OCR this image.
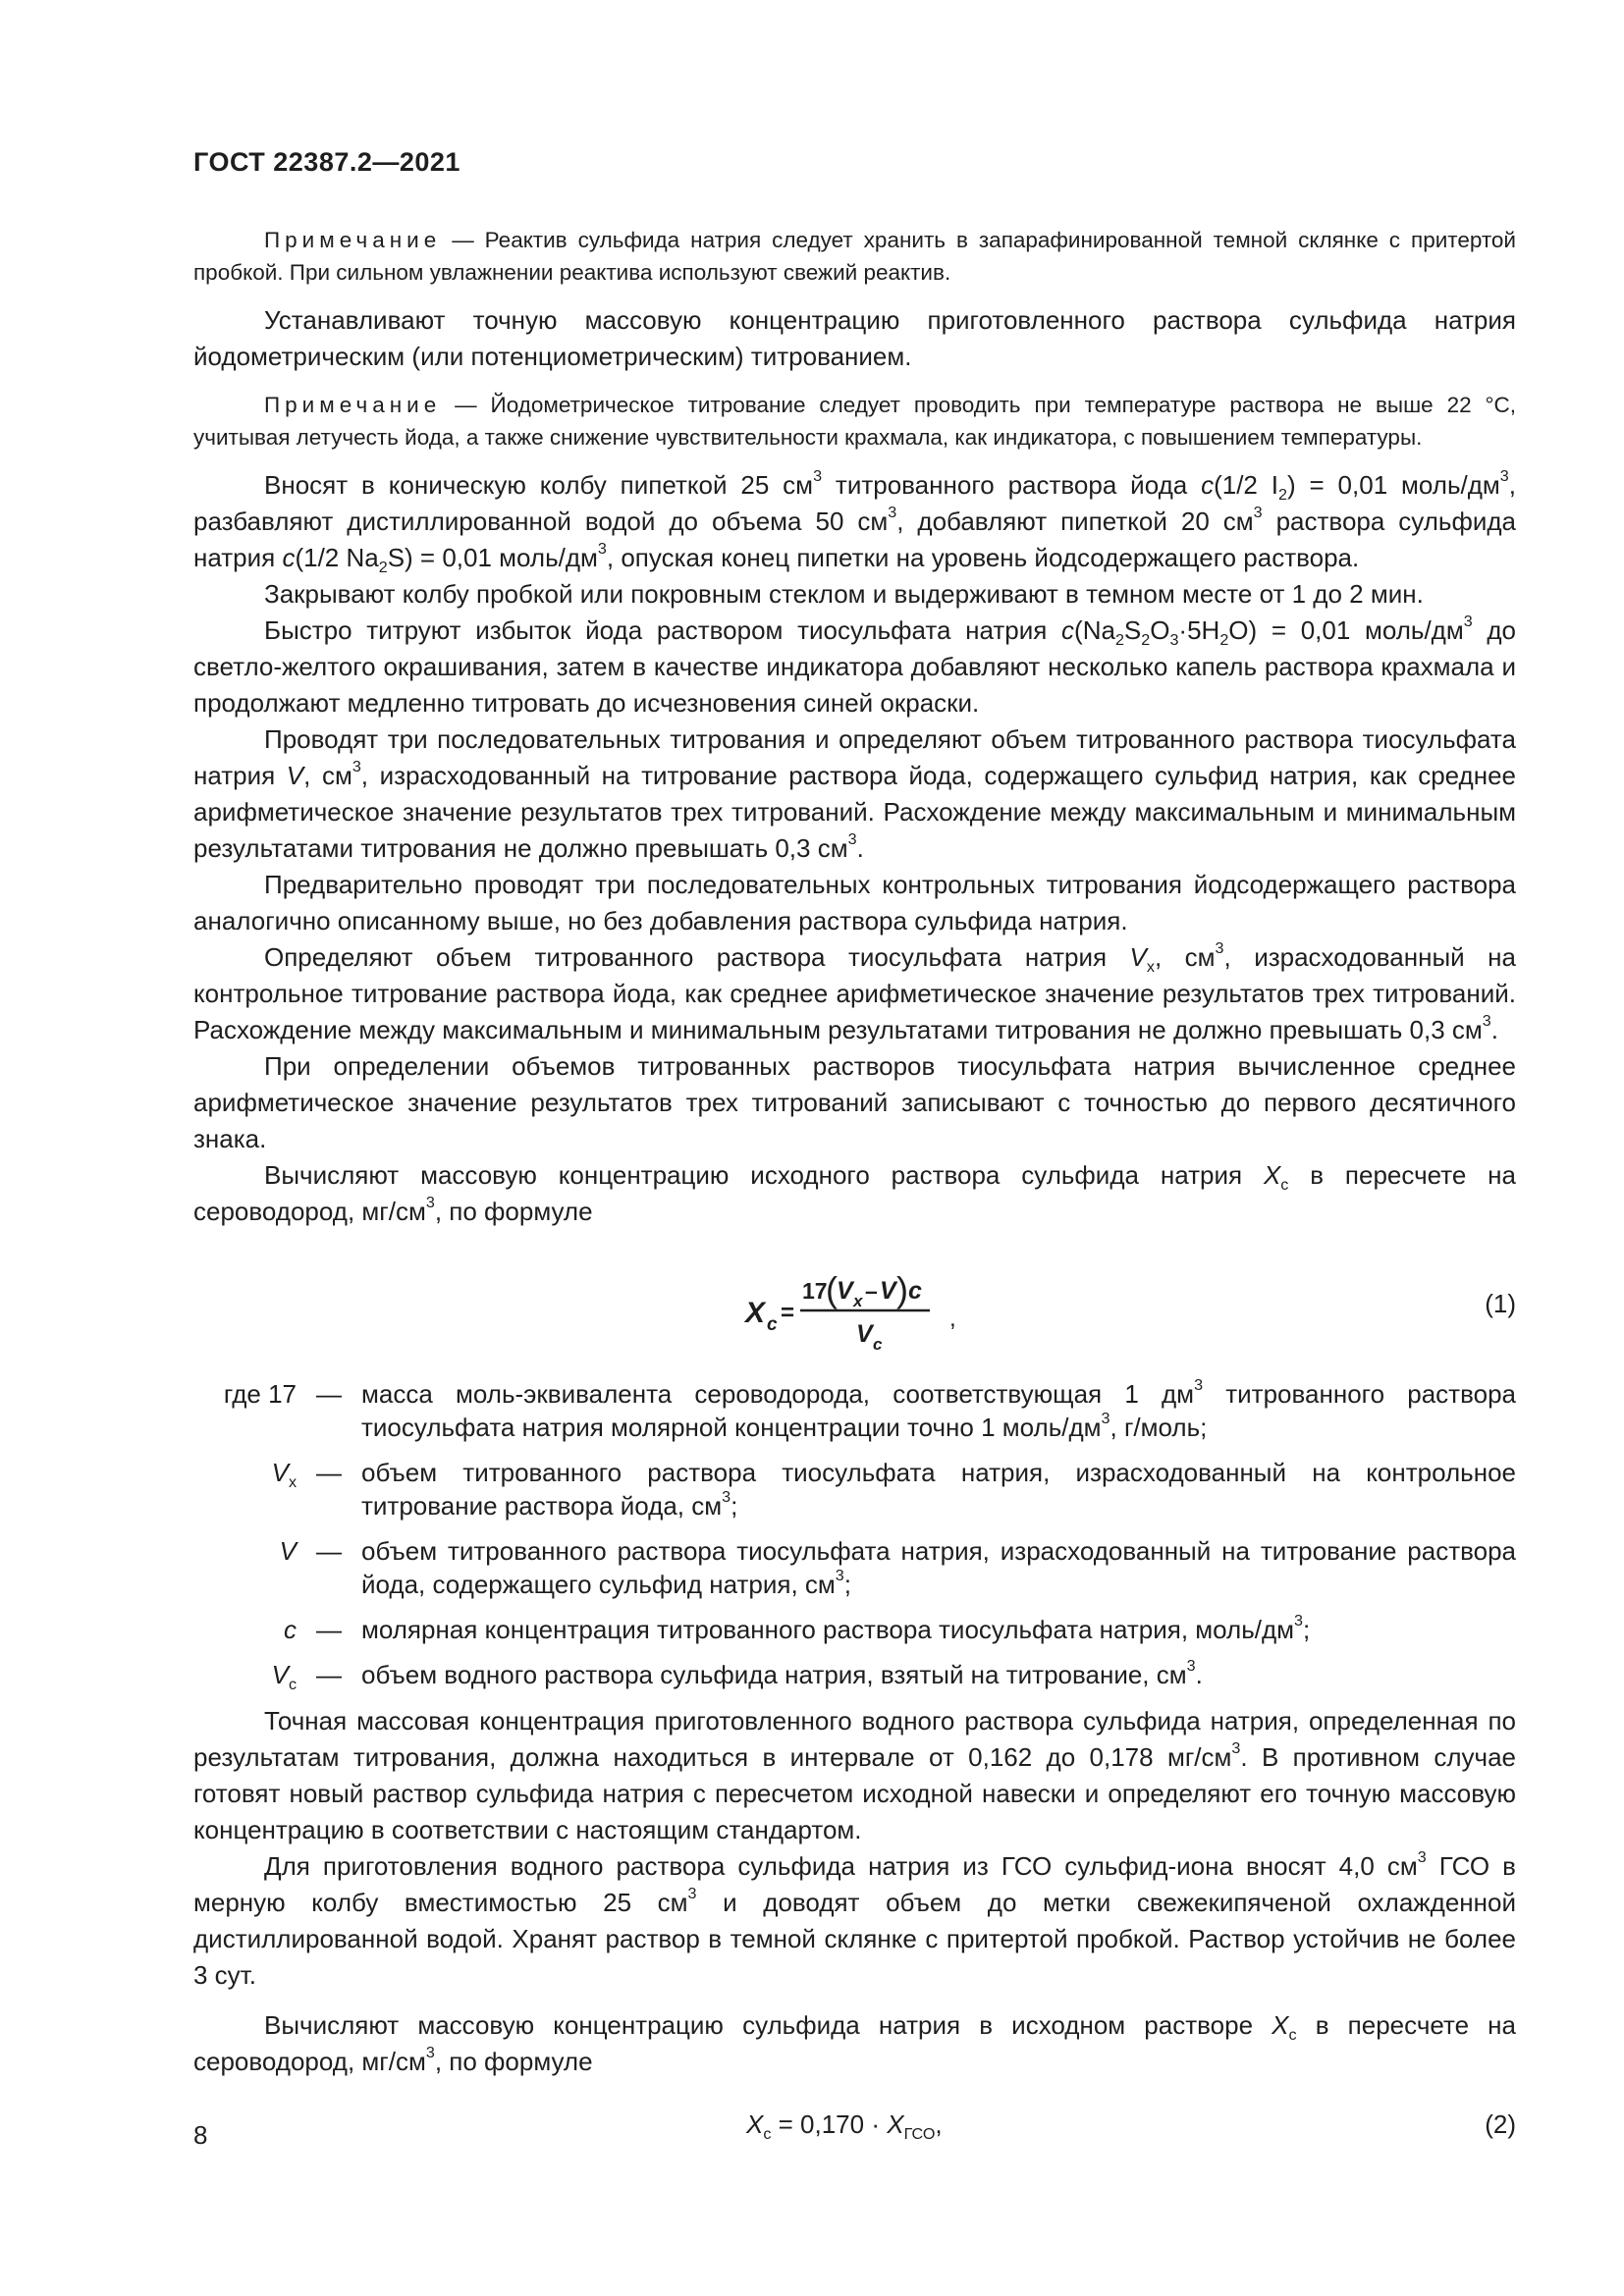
ГОСТ 22387.2—2021

Примечание — Реактив сульфида натрия следует хранить в запарафинированной темной склянке с притертой пробкой. При сильном увлажнении реактива используют свежий реактив.

Устанавливают точную массовую концентрацию приготовленного раствора сульфида натрия йодометрическим (или потенциометрическим) титрованием.

Примечание — Йодометрическое титрование следует проводить при температуре раствора не выше 22 °С, учитывая летучесть йода, а также снижение чувствительности крахмала, как индикатора, с повышением температуры.

Вносят в коническую колбу пипеткой 25 $см^3$ титрованного раствора йода c(1/2 $I_2) = 0,01$ моль/$дм^3$, разбавляют дистиллированной водой до объема 50 $см^3$, добавляют пипеткой 20 $см^3$ раствора сульфида натрия c(1/2 $Na_2S) = 0,01$ моль/$дм^3$, опуская конец пипетки на уровень йодсодержащего раствора.

Закрывают колбу пробкой или покровным стеклом и выдерживают в темном месте от 1 до 2 мин.

Быстро титруют избыток йода раствором тиосульфата натрия $c(Na_2S_2O_3\cdot 5H_2O) = 0,01$ моль/$дм^3$ до светло-желтого окрашивания, затем в качестве индикатора добавляют несколько капель раствора крахмала и продолжают медленно титровать до исчезновения синей окраски.

Проводят три последовательных титрования и определяют объем титрованного раствора тиосульфата натрия V, $см^3$, израсходованный на титрование раствора йода, содержащего сульфид натрия, как среднее арифметическое значение результатов трех титрований. Расхождение между максимальным и минимальным результатами титрования не должно превышать 0,3 $см^3$.

Предварительно проводят три последовательных контрольных титрования йодсодержащего раствора аналогично описанному выше, но без добавления раствора сульфида натрия.

Определяют объем титрованного раствора тиосульфата натрия $V_x$, $см^3$, израсходованный на контрольное титрование раствора йода, как среднее арифметическое значение результатов трех титрований. Расхождение между максимальным и минимальным результатами титрования не должно превышать 0,3 $см^3$.

При определении объемов титрованных растворов тиосульфата натрия вычисленное среднее арифметическое значение результатов трех титрований записывают с точностью до первого десятичного знака.

Вычисляют массовую концентрацию исходного раствора сульфида натрия $X_c$ в пересчете на сероводород, $мг/см^3$, по формуле

X c =
17
( V x – V ) c
V c
,
(1)
где 17 — масса моль-эквивалента сероводорода, соответствующая 1 $дм^3$ титрованного раствора тиосульфата натрия молярной концентрации точно 1 моль/$дм^3$, г/моль;
$V_x$ — объем титрованного раствора тиосульфата натрия, израсходованный на контрольное титрование раствора йода, $см^3$;
V — объем титрованного раствора тиосульфата натрия, израсходованный на титрование раствора йода, содержащего сульфид натрия, $см^3$;
c — молярная концентрация титрованного раствора тиосульфата натрия, моль/$дм^3$;
$V_c$ — объем водного раствора сульфида натрия, взятый на титрование, $см^3$.

Точная массовая концентрация приготовленного водного раствора сульфида натрия, определенная по результатам титрования, должна находиться в интервале от 0,162 до 0,178 $мг/см^3$. В противном случае готовят новый раствор сульфида натрия с пересчетом исходной навески и определяют его точную массовую концентрацию в соответствии с настоящим стандартом.

Для приготовления водного раствора сульфида натрия из ГСО сульфид-иона вносят 4,0 $см^3$ ГСО в мерную колбу вместимостью 25 $см^3$ и доводят объем до метки свежекипяченой охлажденной дистиллированной водой. Хранят раствор в темной склянке с притертой пробкой. Раствор устойчив не более 3 сут.

Вычисляют массовую концентрацию сульфида натрия в исходном растворе $X_c$ в пересчете на сероводород, $мг/см^3$, по формуле

$X_c = 0,170 \cdot X_{ГСО}$,	(2)
8
